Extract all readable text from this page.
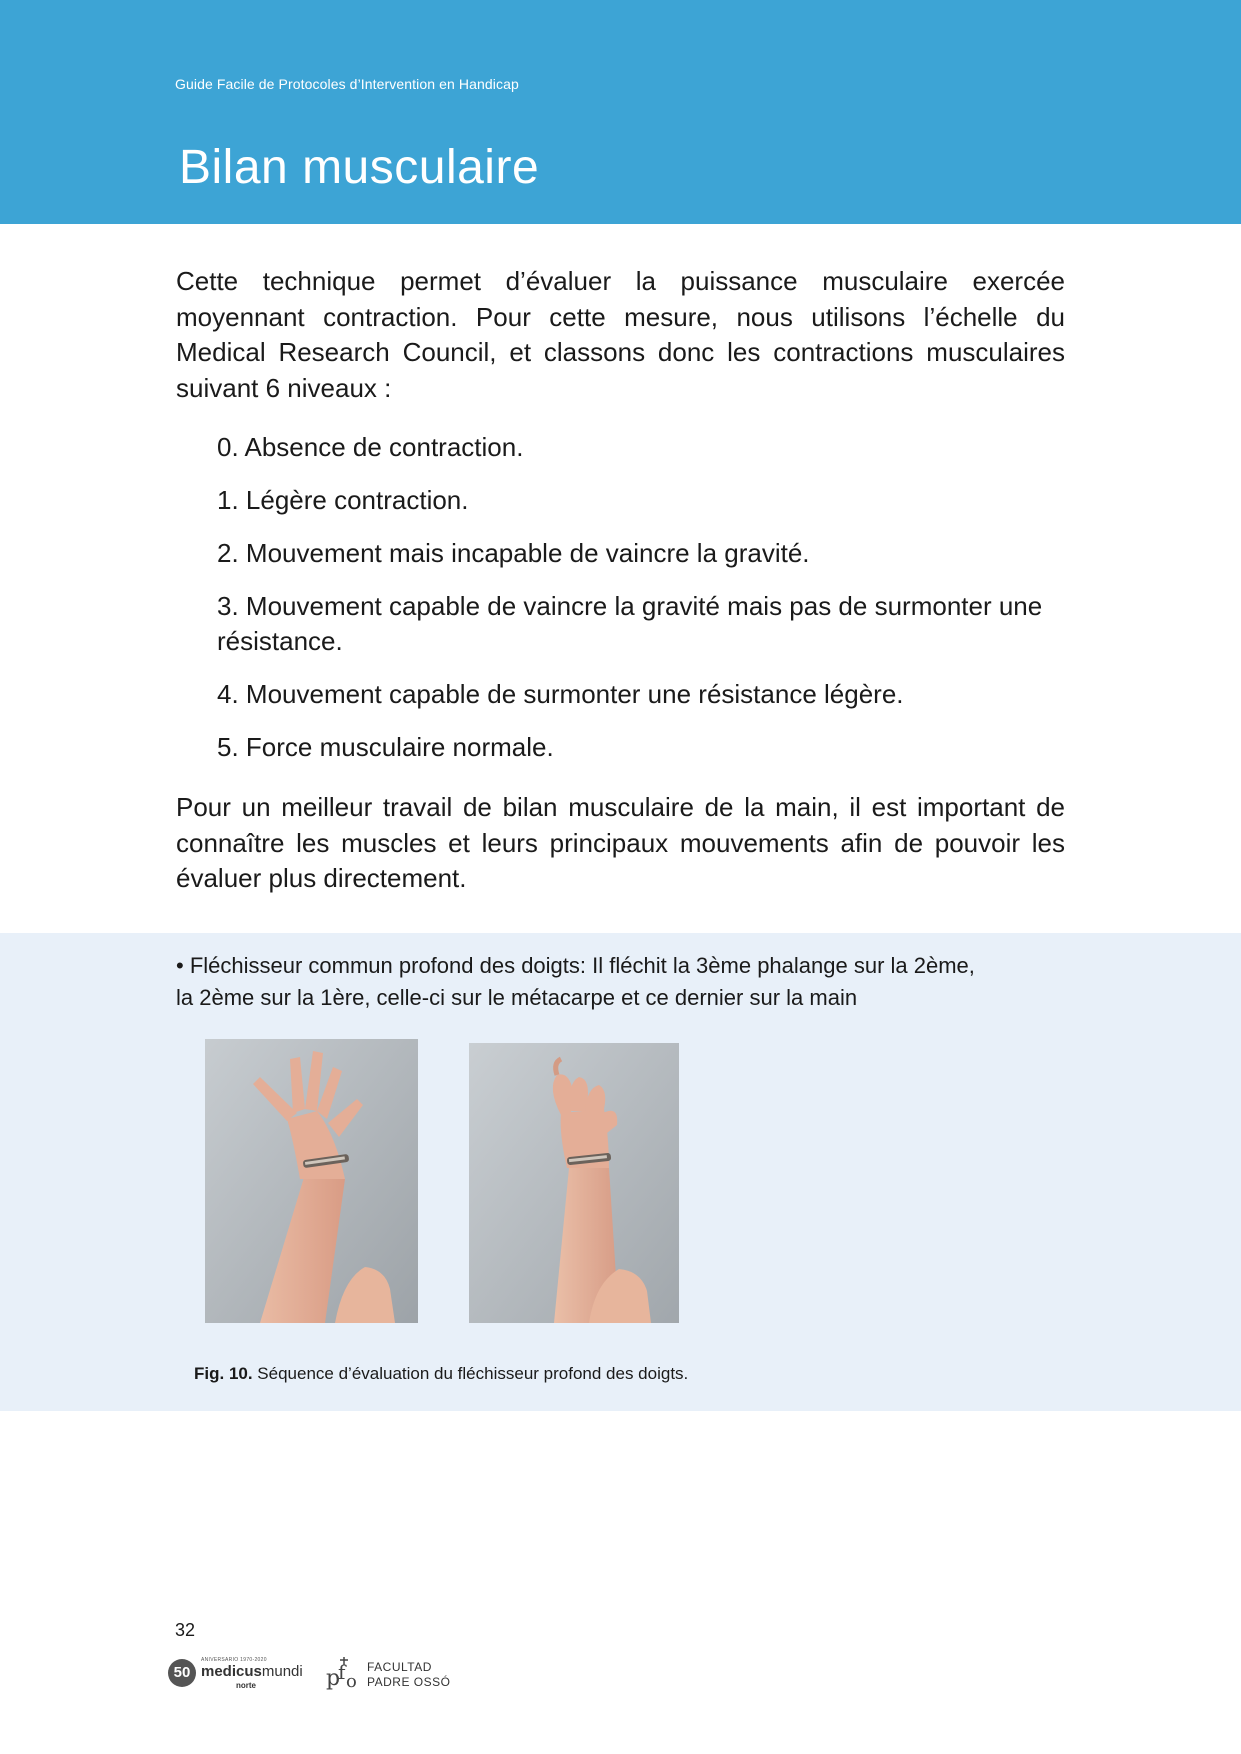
Guide Facile de Protocoles d’Intervention en Handicap
Bilan musculaire

Cette technique permet d’évaluer la puissance musculaire exercée moyennant contraction. Pour cette mesure, nous utilisons l’échelle du Medical Research Council, et classons donc les contractions musculaires suivant 6 niveaux :

0. Absence de contraction.
1. Légère contraction.
2. Mouvement mais incapable de vaincre la gravité.
3. Mouvement capable de vaincre la gravité mais pas de surmonter une résistance.
4. Mouvement capable de surmonter une résistance légère.
5. Force musculaire normale.

Pour un meilleur travail de bilan musculaire de la main, il est important de connaître les muscles et leurs principaux mouvements afin de pouvoir les évaluer plus directement.

• Fléchisseur commun profond des doigts: Il fléchit la 3ème phalange sur la 2ème,
la 2ème sur la 1ère, celle-ci sur le métacarpe et ce dernier sur la main

Fig. 10. Séquence d’évaluation du fléchisseur profond des doigts.
32
50
ANIVERSARIO 1970-2020
medicusmundi
norte	p
f o
FACULTAD
PADRE OSSÓ
